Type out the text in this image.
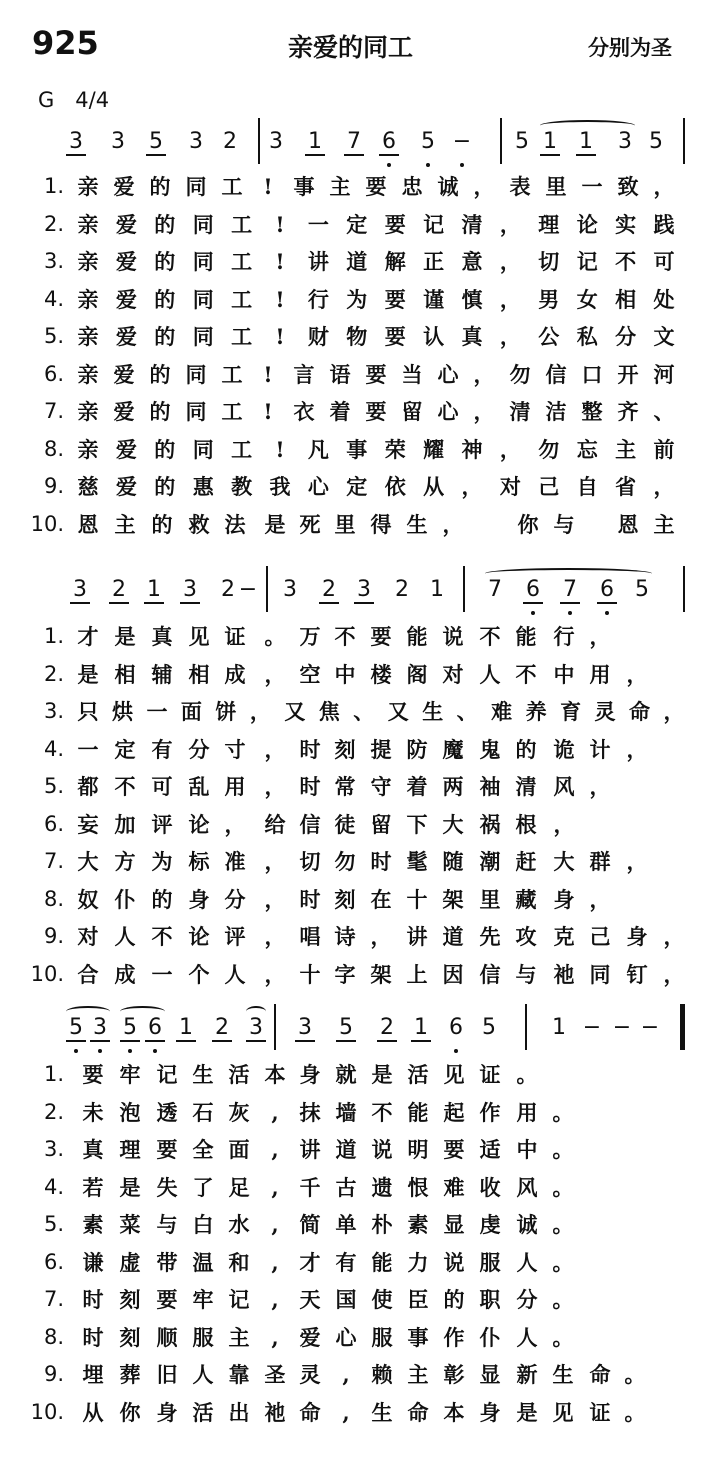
925	亲爱的同工	分别为圣
G　4/4
3 3 5 3 2 3 1 7 6 5 − 5 1 1 3 5
1. 亲 爱 的 同 工 ! 事 主 要 忠 诚 ， 表 里 一 致 ，
2. 亲 爱 的 同 工	!	一 定 要 记 清 ， 理 论 实 践
3. 亲 爱 的 同 工	!	讲 道 解 正 意 ， 切 记 不 可
4. 亲 爱 的 同 工	!	行 为 要 谨 慎 ， 男 女 相 处
5. 亲 爱 的 同 工	!	财 物 要 认 真 ， 公 私 分 文
6. 亲 爱 的 同 工 ! 言 语 要 当 心 ， 勿 信 口 开 河
7. 亲 爱 的 同 工 ! 衣 着 要 留 心 ， 清 洁 整 齐 、
8. 亲 爱 的 同 工	!	凡 事 荣 耀 神 ， 勿 忘 主 前
9. 慈 爱 的 惠 教 我 心 定 依 从 ， 对 己 自 省 ，
10. 恩 主 的 救 法 是 死 里 得 生 ，	你 与 恩 主
3 2 1 3 2 − 3 2 3 2 1 7 6 7 6 5
1. 才 是 真 见 证 。 万 不 要 能 说 不 能 行 ，
2. 是 相 辅 相 成 ， 空 中 楼 阁 对 人 不 中 用 ，
3. 只 烘 一 面 饼 ， 又 焦 、 又 生 、 难 养 育 灵 命 ，
4. 一 定 有 分 寸 ， 时 刻 提 防 魔 鬼 的 诡 计 ，
5. 都 不 可 乱 用 ， 时 常 守 着 两 袖 清 风 ，
6. 妄 加 评 论 ， 给 信 徒 留 下 大 祸 根 ，
7. 大 方 为 标 准 ， 切 勿 时 髦 随 潮 赶 大 群 ，
8. 奴 仆 的 身 分 ， 时 刻 在 十 架 里 藏 身 ，
9. 对 人 不 论 评 ， 唱 诗 ， 讲 道 先 攻 克 己 身 ，
10. 合 成 一 个 人 ， 十 字 架 上 因 信 与 祂 同 钉 ，
5 3 5 6 1 2 3 3 5 2 1 6 5	1 − − −
1. 要 牢 记 生 活 本 身 就 是 活 见 证 。
2. 未 泡 透 石 灰	, 抹 墙 不 能 起 作 用 。
3. 真 理 要 全 面	, 讲 道 说 明 要 适 中 。
4. 若 是 失 了 足	, 千 古 遗 恨 难 收 风 。
5. 素 菜 与 白 水	, 简 单 朴 素 显 虔 诚 。
6. 谦 虚 带 温 和	, 才 有 能 力 说 服 人 。
7. 时 刻 要 牢 记	, 天 国 使 臣 的 职 分 。
8. 时 刻 顺 服 主	, 爱 心 服 事 作 仆 人 。
9. 埋 葬 旧 人 靠 圣 灵	,	赖 主 彰 显 新 生 命 。
10. 从 你 身 活 出 祂 命	,	生 命 本 身 是 见 证 。
